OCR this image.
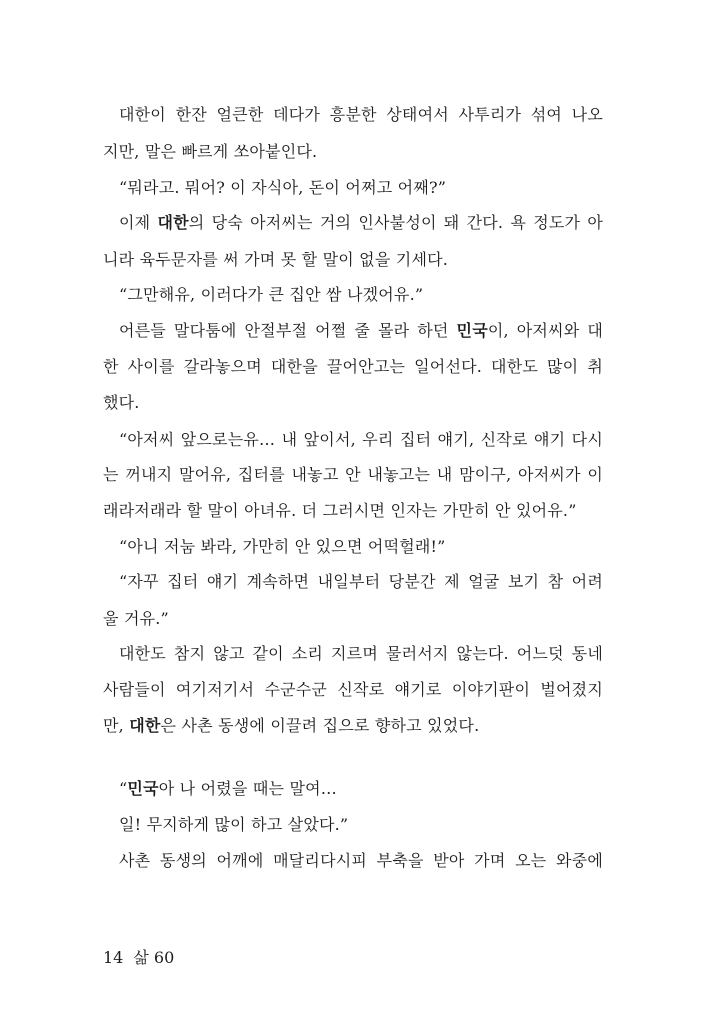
대한이 한잔 얼큰한 데다가 흥분한 상태여서 사투리가 섞여 나오
지만, 말은 빠르게 쏘아붙인다.
“뭐라고. 뭐어? 이 자식아, 돈이 어쩌고 어째?”
이제 대한의 당숙 아저씨는 거의 인사불성이 돼 간다. 욕 정도가 아
니라 육두문자를 써 가며 못 할 말이 없을 기세다.
“그만해유, 이러다가 큰 집안 쌈 나겠어유.”
어른들 말다툼에 안절부절 어쩔 줄 몰라 하던 민국이, 아저씨와 대
한 사이를 갈라놓으며 대한을 끌어안고는 일어선다. 대한도 많이 취
했다.
“아저씨 앞으로는유… 내 앞이서, 우리 집터 얘기, 신작로 얘기 다시
는 꺼내지 말어유, 집터를 내놓고 안 내놓고는 내 맘이구, 아저씨가 이
래라저래라 할 말이 아녀유. 더 그러시면 인자는 가만히 안 있어유.”
“아니 저눔 봐라, 가만히 안 있으면 어떡헐래!”
“자꾸 집터 얘기 계속하면 내일부터 당분간 제 얼굴 보기 참 어려
울 거유.”
대한도 참지 않고 같이 소리 지르며 물러서지 않는다. 어느덧 동네
사람들이 여기저기서 수군수군 신작로 얘기로 이야기판이 벌어졌지
만, 대한은 사촌 동생에 이끌려 집으로 향하고 있었다.
“민국아 나 어렸을 때는 말여…
일! 무지하게 많이 하고 살았다.”
사촌 동생의 어깨에 매달리다시피 부축을 받아 가며 오는 와중에
14 삶 60
